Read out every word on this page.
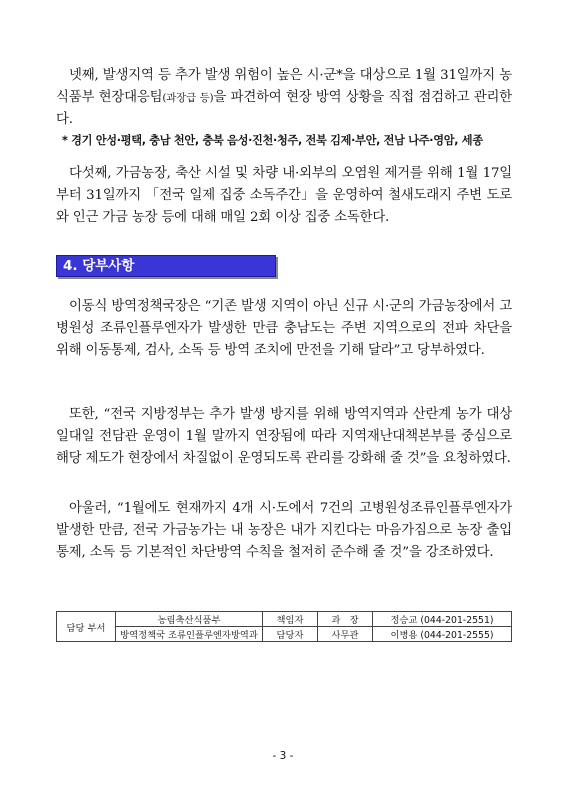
넷째, 발생지역 등 추가 발생 위험이 높은 시·군*을 대상으로 1월 31일까지 농식품부 현장대응팀(과장급 등)을 파견하여 현장 방역 상황을 직접 점검하고 관리한다.

* 경기 안성·평택, 충남 천안, 충북 음성·진천·청주, 전북 김제·부안, 전남 나주·영암, 세종

다섯째, 가금농장, 축산 시설 및 차량 내·외부의 오염원 제거를 위해 1월 17일부터 31일까지 「전국 일제 집중 소독주간」을 운영하여 철새도래지 주변 도로와 인근 가금 농장 등에 대해 매일 2회 이상 집중 소독한다.

4. 당부사항

이동식 방역정책국장은 “기존 발생 지역이 아닌 신규 시·군의 가금농장에서 고병원성 조류인플루엔자가 발생한 만큼 충남도는 주변 지역으로의 전파 차단을 위해 이동통제, 검사, 소독 등 방역 조치에 만전을 기해 달라”고 당부하였다.

또한, “전국 지방정부는 추가 발생 방지를 위해 방역지역과 산란계 농가 대상 일대일 전담관 운영이 1월 말까지 연장됨에 따라 지역재난대책본부를 중심으로 해당 제도가 현장에서 차질없이 운영되도록 관리를 강화해 줄 것”을 요청하였다.

아울러, “1월에도 현재까지 4개 시·도에서 7건의 고병원성조류인플루엔자가 발생한 만큼, 전국 가금농가는 내 농장은 내가 지킨다는 마음가짐으로 농장 출입 통제, 소독 등 기본적인 차단방역 수칙을 철저히 준수해 줄 것”을 강조하였다.

담당 부서	농림축산식품부	책임자	과　장	정승교 (044-201-2551)
	방역정책국 조류인플루엔자방역과	담당자	사무관	이병용 (044-201-2555)
- 3 -
